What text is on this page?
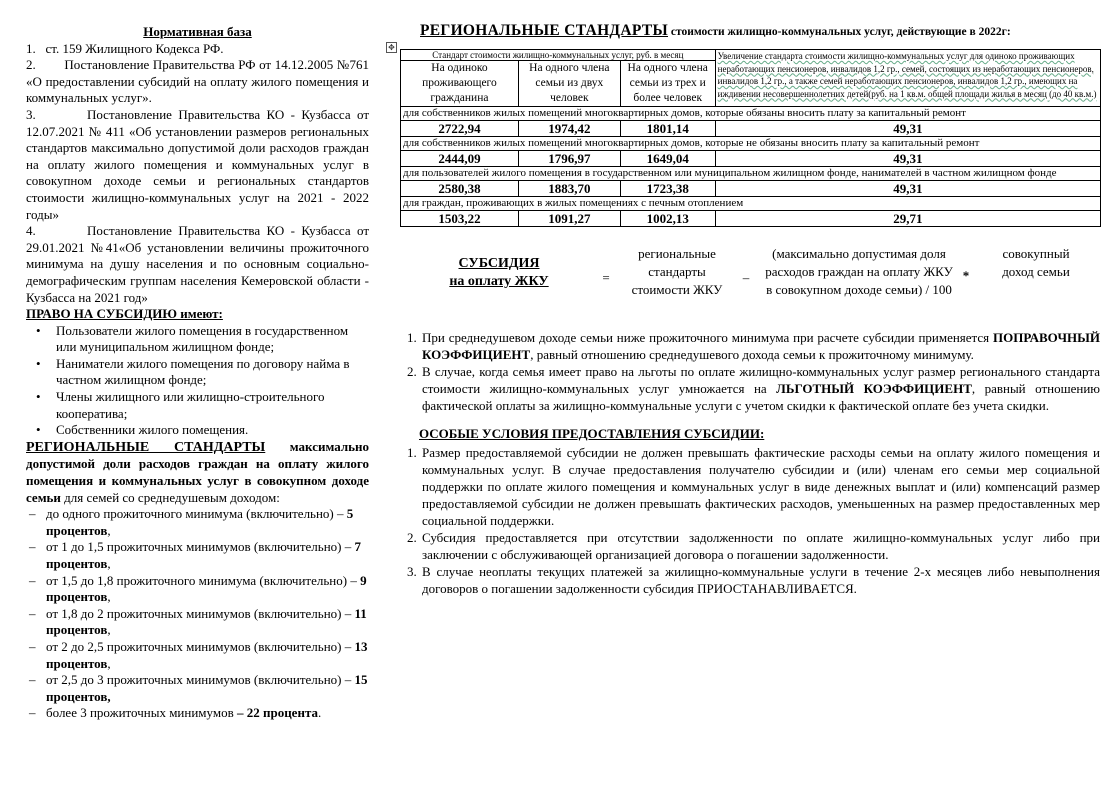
Нормативная база
1. ст. 159 Жилищного Кодекса РФ.
2. Постановление Правительства РФ от 14.12.2005 №761 «О предоставлении субсидий на оплату жилого помещения и коммунальных услуг».
3.	Постановление Правительства КО - Кузбасса от 12.07.2021 № 411 «Об установлении размеров региональных стандартов максимально допустимой доли расходов граждан на оплату жилого помещения и коммунальных услуг в совокупном доходе семьи и региональных стандартов стоимости жилищно-коммунальных услуг на 2021 - 2022 годы»
4.	Постановление Правительства КО - Кузбасса от 29.01.2021 №41«Об установлении величины прожиточного минимума на душу населения и по основным социально-демографическим группам населения Кемеровской области - Кузбасса на 2021 год»
ПРАВО НА СУБСИДИЮ имеют:
• Пользователи жилого помещения в государственном или муниципальном жилищном фонде;
• Наниматели жилого помещения по договору найма в частном жилищном фонде;
• Члены жилищного или жилищно-строительного кооператива;
• Собственники жилого помещения.
РЕГИОНАЛЬНЫЕ СТАНДАРТЫ максимально допустимой доли расходов граждан на оплату жилого помещения и коммунальных услуг в совокупном доходе семьи для семей со среднедушевым доходом:
– до одного прожиточного минимума (включительно) – 5 процентов,
– от 1 до 1,5 прожиточных минимумов (включительно) – 7 процентов,
– от 1,5 до 1,8 прожиточного минимума (включительно) – 9 процентов,
– от 1,8 до 2 прожиточных минимумов (включительно) – 11 процентов,
– от 2 до 2,5 прожиточных минимумов (включительно) – 13 процентов,
– от 2,5 до 3 прожиточных минимумов (включительно) – 15 процентов,
– более 3 прожиточных минимумов – 22 процента.
✥
РЕГИОНАЛЬНЫЕ СТАНДАРТЫ стоимости жилищно-коммунальных услуг, действующие в 2022г:
Стандарт стоимости жилищно-коммунальных услуг, руб. в месяц			Увеличение стандарта стоимости жилищно-коммунальных услуг для одиноко проживающих неработающих пенсионеров, инвалидов 1,2 гр., семей, состоящих из неработающих пенсионеров, инвалидов 1,2 гр., а также семей неработающих пенсионеров, инвалидов 1,2 гр., имеющих на иждивении несовершеннолетних детей(руб. на 1 кв.м. общей площади жилья в месяц (до 40 кв.м.)
На одиноко проживающего гражданина	На одного члена семьи из двух человек	На одного члена семьи из трех и более человек	
для собственников жилых помещений многоквартирных домов, которые обязаны вносить плату за капитальный ремонт			
2722,94	1974,42	1801,14	49,31
для собственников жилых помещений многоквартирных домов, которые не обязаны вносить плату за капитальный ремонт			
2444,09	1796,97	1649,04	49,31
для пользователей жилого помещения в государственном или муниципальном жилищном фонде, нанимателей в частном жилищном фонде			
2580,38	1883,70	1723,38	49,31
для граждан, проживающих в жилых помещениях с печным отоплением			
1503,22	1091,27	1002,13	29,71
СУБСИДИЯ
на оплату ЖКУ	=
региональные стандарты стоимости ЖКУ
–
(максимально допустимая доля расходов граждан на оплату ЖКУ в совокупном доходе семьи) / 100
*
совокупный доход семьи
1. При среднедушевом доходе семьи ниже прожиточного минимума при расчете субсидии применяется ПОПРАВОЧНЫЙ КОЭФФИЦИЕНТ, равный отношению среднедушевого дохода семьи к прожиточному минимуму.
2. В случае, когда семья имеет право на льготы по оплате жилищно-коммунальных услуг размер регионального стандарта стоимости жилищно-коммунальных услуг умножается на ЛЬГОТНЫЙ КОЭФФИЦИЕНТ, равный отношению фактической оплаты за жилищно-коммунальные услуги с учетом скидки к фактической оплате без учета скидки.
ОСОБЫЕ УСЛОВИЯ ПРЕДОСТАВЛЕНИЯ СУБСИДИИ:
1. Размер предоставляемой субсидии не должен превышать фактические расходы семьи на оплату жилого помещения и коммунальных услуг. В случае предоставления получателю субсидии и (или) членам его семьи мер социальной поддержки по оплате жилого помещения и коммунальных услуг в виде денежных выплат и (или) компенсаций размер предоставляемой субсидии не должен превышать фактических расходов, уменьшенных на размер предоставленных мер социальной поддержки.
2. Субсидия предоставляется при отсутствии задолженности по оплате жилищно-коммунальных услуг либо при заключении с обслуживающей организацией договора о погашении задолженности.
3. В случае неоплаты текущих платежей за жилищно-коммунальные услуги в течение 2-х месяцев либо невыполнения договоров о погашении задолженности субсидия ПРИОСТАНАВЛИВАЕТСЯ.
